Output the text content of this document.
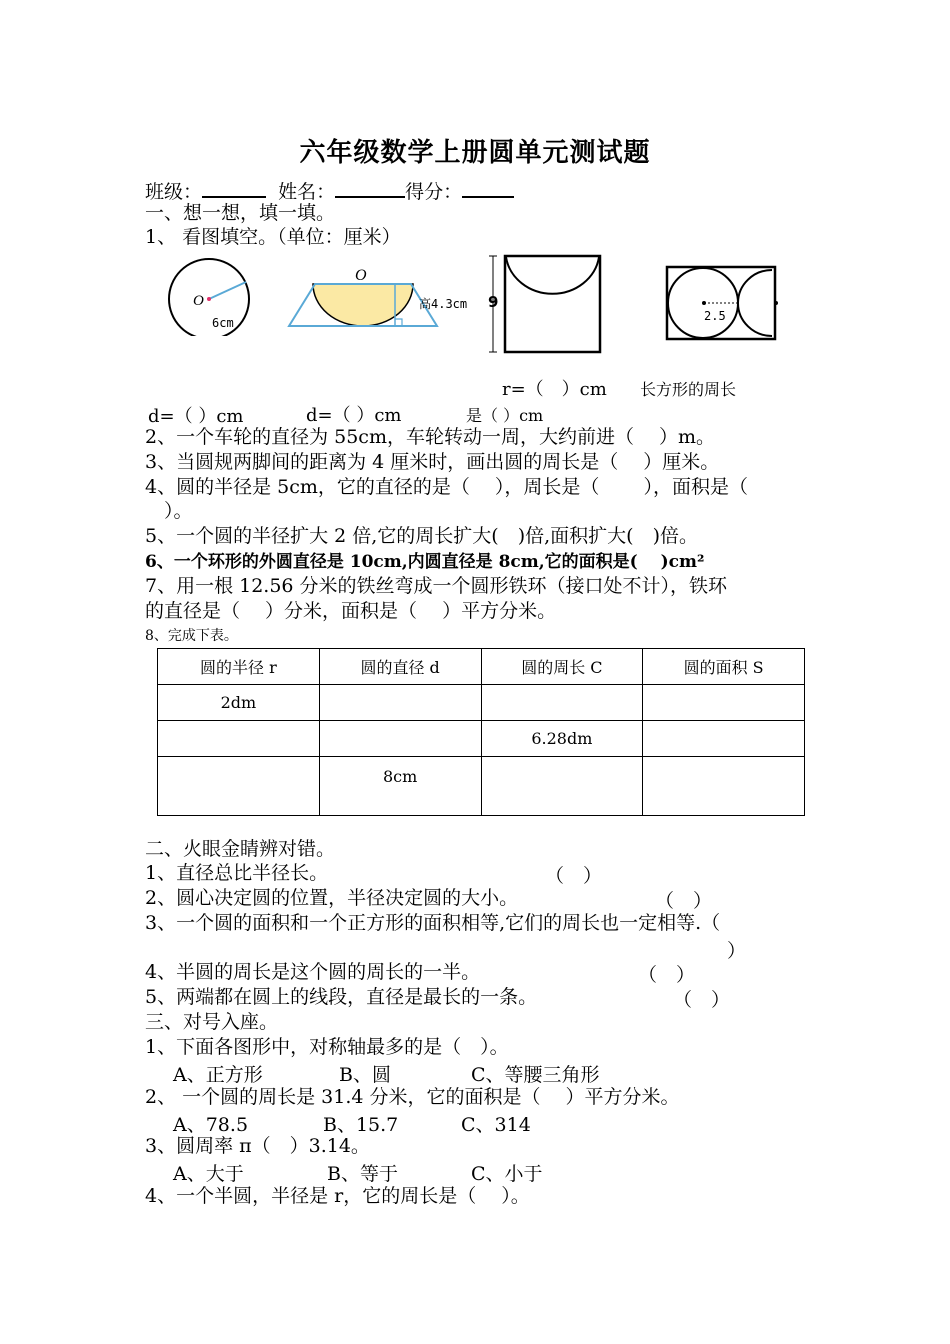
六年级数学上册圆单元测试题
班级：	姓名：	得分：
一、想一想，填一填。
1、 看图填空。（单位：厘米）
O
6cm
O
高4.3cm 9
2.5
r=（　）cm 长方形的周长
d=（ ）cm	d=（ ）cm	是（ ）cm
2、一个车轮的直径为 55cm，车轮转动一周，大约前进（　 ）m。
3、当圆规两脚间的距离为 4 厘米时，画出圆的周长是（　 ）厘米。
4、圆的半径是 5cm，它的直径的是（　 ），周长是（　　 ），面积是（
　）。
5、一个圆的半径扩大 2 倍,它的周长扩大(　)倍,面积扩大(　)倍。
6、一个环形的外圆直径是 10cm,内圆直径是 8cm,它的面积是(　 )cm²
7、用一根 12.56 分米的铁丝弯成一个圆形铁环（接口处不计），铁环
的直径是（　 ）分米，面积是（　 ）平方分米。
8、完成下表。
圆的半径 r	圆的直径 d	圆的周长 C	圆的面积 S
2dm			
		6.28dm	
	8cm		
二、火眼金睛辨对错。
1、直径总比半径长。	（　）
2、圆心决定圆的位置，半径决定圆的大小。	（　）
3、一个圆的面积和一个正方形的面积相等,它们的周长也一定相等.（
）
4、半圆的周长是这个圆的周长的一半。	（　）
5、两端都在圆上的线段，直径是最长的一条。	（　）
三、对号入座。
1、下面各图形中，对称轴最多的是（　）。
A、正方形	B、圆	C、等腰三角形
2、 一个圆的周长是 31.4 分米，它的面积是（　 ）平方分米。
A、78.5	B、15.7	C、314
3、圆周率 π（　）3.14。
A、大于	B、等于	C、小于
4、一个半圆，半径是 r，它的周长是（　 ）。
